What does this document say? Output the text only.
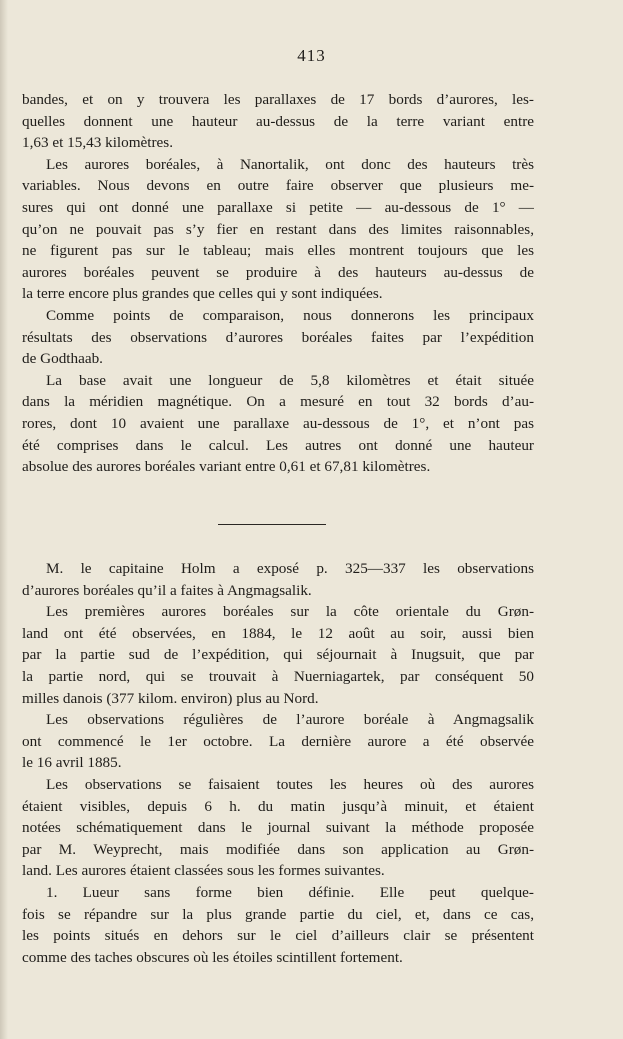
413
bandes, et on y trouvera les parallaxes de 17 bords d’aurores, les-
quelles donnent une hauteur au-dessus de la terre variant entre
1,63 et 15,43 kilomètres.
Les aurores boréales, à Nanortalik, ont donc des hauteurs très
variables. Nous devons en outre faire observer que plusieurs me-
sures qui ont donné une parallaxe si petite — au-dessous de 1° —
qu’on ne pouvait pas s’y fier en restant dans des limites raisonnables,
ne figurent pas sur le tableau; mais elles montrent toujours que les
aurores boréales peuvent se produire à des hauteurs au-dessus de
la terre encore plus grandes que celles qui y sont indiquées.
Comme points de comparaison, nous donnerons les principaux
résultats des observations d’aurores boréales faites par l’expédition
de Godthaab.
La base avait une longueur de 5,8 kilomètres et était située
dans la méridien magnétique. On a mesuré en tout 32 bords d’au-
rores, dont 10 avaient une parallaxe au-dessous de 1°, et n’ont pas
été comprises dans le calcul. Les autres ont donné une hauteur
absolue des aurores boréales variant entre 0,61 et 67,81 kilomètres.
M. le capitaine Holm a exposé p. 325—337 les observations
d’aurores boréales qu’il a faites à Angmagsalik.
Les premières aurores boréales sur la côte orientale du Grøn-
land ont été observées, en 1884, le 12 août au soir, aussi bien
par la partie sud de l’expédition, qui séjournait à Inugsuit, que par
la partie nord, qui se trouvait à Nuerniagartek, par conséquent 50
milles danois (377 kilom. environ) plus au Nord.
Les observations régulières de l’aurore boréale à Angmagsalik
ont commencé le 1er octobre. La dernière aurore a été observée
le 16 avril 1885.
Les observations se faisaient toutes les heures où des aurores
étaient visibles, depuis 6 h. du matin jusqu’à minuit, et étaient
notées schématiquement dans le journal suivant la méthode proposée
par M. Weyprecht, mais modifiée dans son application au Grøn-
land. Les aurores étaient classées sous les formes suivantes.
1. Lueur sans forme bien définie. Elle peut quelque-
fois se répandre sur la plus grande partie du ciel, et, dans ce cas,
les points situés en dehors sur le ciel d’ailleurs clair se présentent
comme des taches obscures où les étoiles scintillent fortement.
